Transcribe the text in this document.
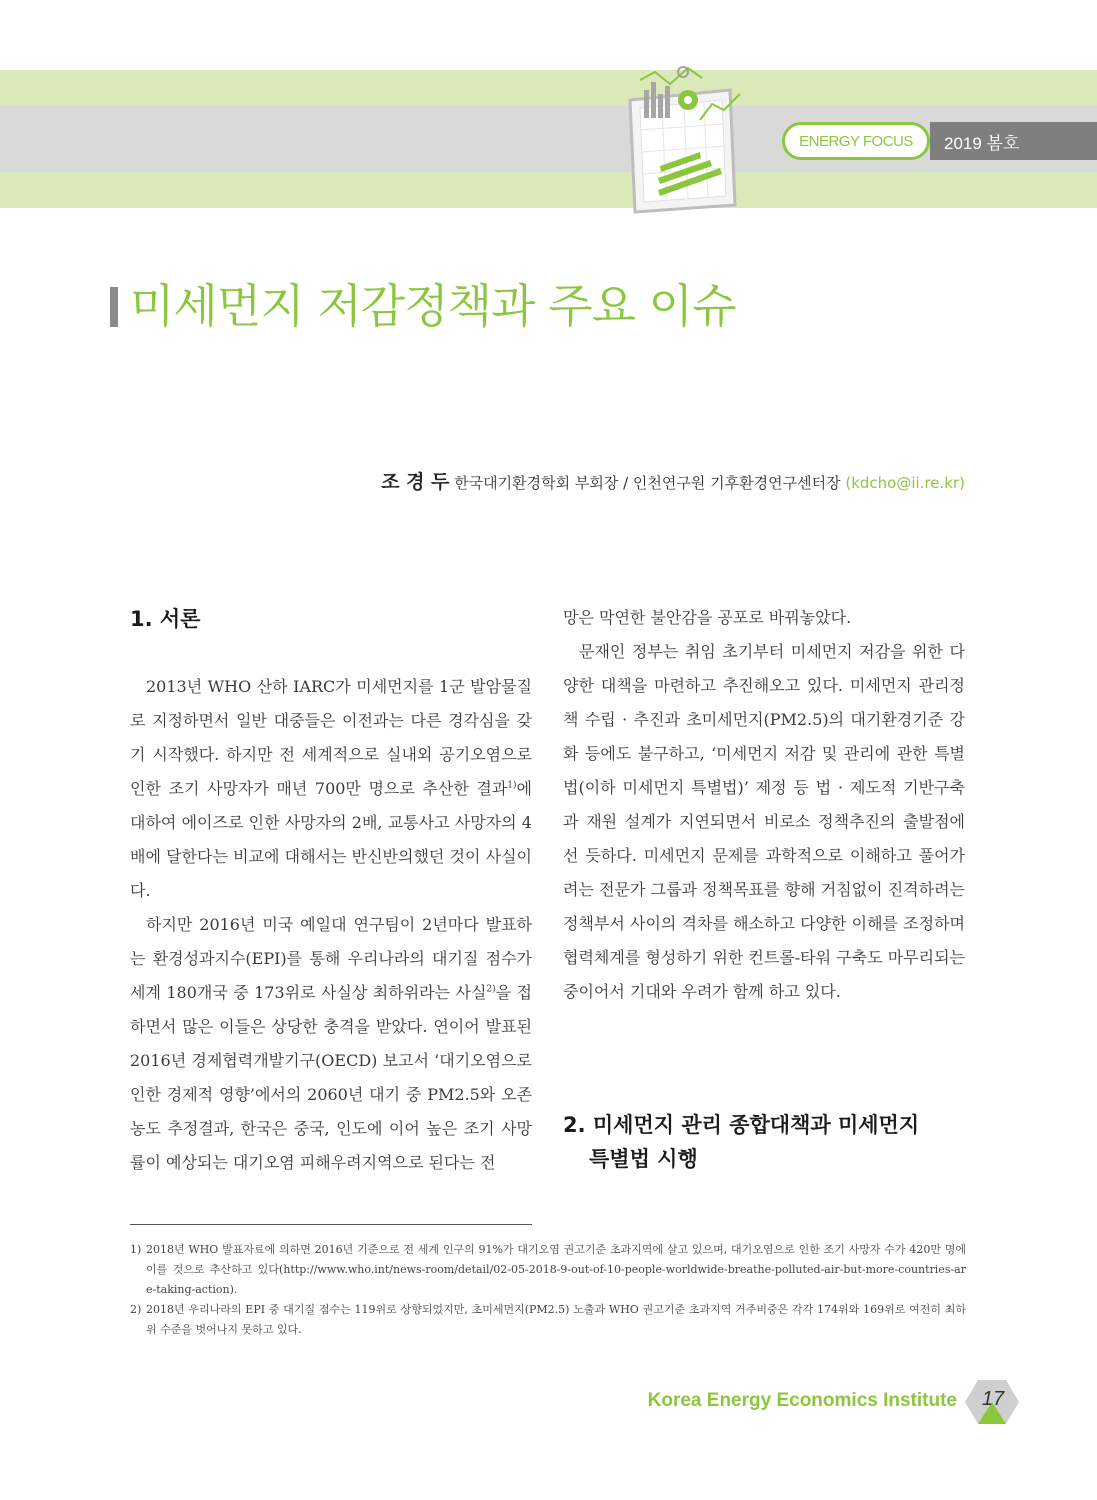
ENERGY FOCUS	2019 봄호
미세먼지 저감정책과 주요 이슈
조 경 두 한국대기환경학회 부회장 / 인천연구원 기후환경연구센터장 (kdcho@ii.re.kr)
1. 서론

2013년 WHO 산하 IARC가 미세먼지를 1군 발암물질로 지정하면서 일반 대중들은 이전과는 다른 경각심을 갖기 시작했다. 하지만 전 세계적으로 실내외 공기오염으로 인한 조기 사망자가 매년 700만 명으로 추산한 결과$^{1)}$에 대하여 에이즈로 인한 사망자의 2배, 교통사고 사망자의 4배에 달한다는 비교에 대해서는 반신반의했던 것이 사실이다.

하지만 2016년 미국 예일대 연구팀이 2년마다 발표하는 환경성과지수(EPI)를 통해 우리나라의 대기질 점수가 세계 180개국 중 173위로 사실상 최하위라는 사실$^{2)}$을 접하면서 많은 이들은 상당한 충격을 받았다. 연이어 발표된 2016년 경제협력개발기구(OECD) 보고서 ‘대기오염으로 인한 경제적 영향’에서의 2060년 대기 중 PM2.5와 오존농도 추정결과, 한국은 중국, 인도에 이어 높은 조기 사망률이 예상되는 대기오염 피해우려지역으로 된다는 전

망은 막연한 불안감을 공포로 바꿔놓았다.

문재인 정부는 취임 초기부터 미세먼지 저감을 위한 다양한 대책을 마련하고 추진해오고 있다. 미세먼지 관리정책 수립 · 추진과 초미세먼지(PM2.5)의 대기환경기준 강화 등에도 불구하고, ‘미세먼지 저감 및 관리에 관한 특별법(이하 미세먼지 특별법)’ 제정 등 법 · 제도적 기반구축과 재원 설계가 지연되면서 비로소 정책추진의 출발점에 선 듯하다. 미세먼지 문제를 과학적으로 이해하고 풀어가려는 전문가 그룹과 정책목표를 향해 거침없이 진격하려는 정책부서 사이의 격차를 해소하고 다양한 이해를 조정하며 협력체계를 형성하기 위한 컨트롤-타워 구축도 마무리되는 중이어서 기대와 우려가 함께 하고 있다.

2. 미세먼지 관리 종합대책과 미세먼지
특별법 시행
1) 2018년 WHO 발표자료에 의하면 2016년 기준으로 전 세계 인구의 91%가 대기오염 권고기준 초과지역에 살고 있으며, 대기오염으로 인한 조기 사망자 수가 420만 명에 이를 것으로 추산하고 있다(http://www.who.int/news-room/detail/02-05-2018-9-out-of-10-people-worldwide-breathe-polluted-air-but-more-countries-are-taking-action).
2) 2018년 우리나라의 EPI 중 대기질 점수는 119위로 상향되었지만, 초미세먼지(PM2.5) 노출과 WHO 권고기준 초과지역 거주비중은 각각 174위와 169위로 여전히 최하위 수준을 벗어나지 못하고 있다.
Korea Energy Economics Institute	17
